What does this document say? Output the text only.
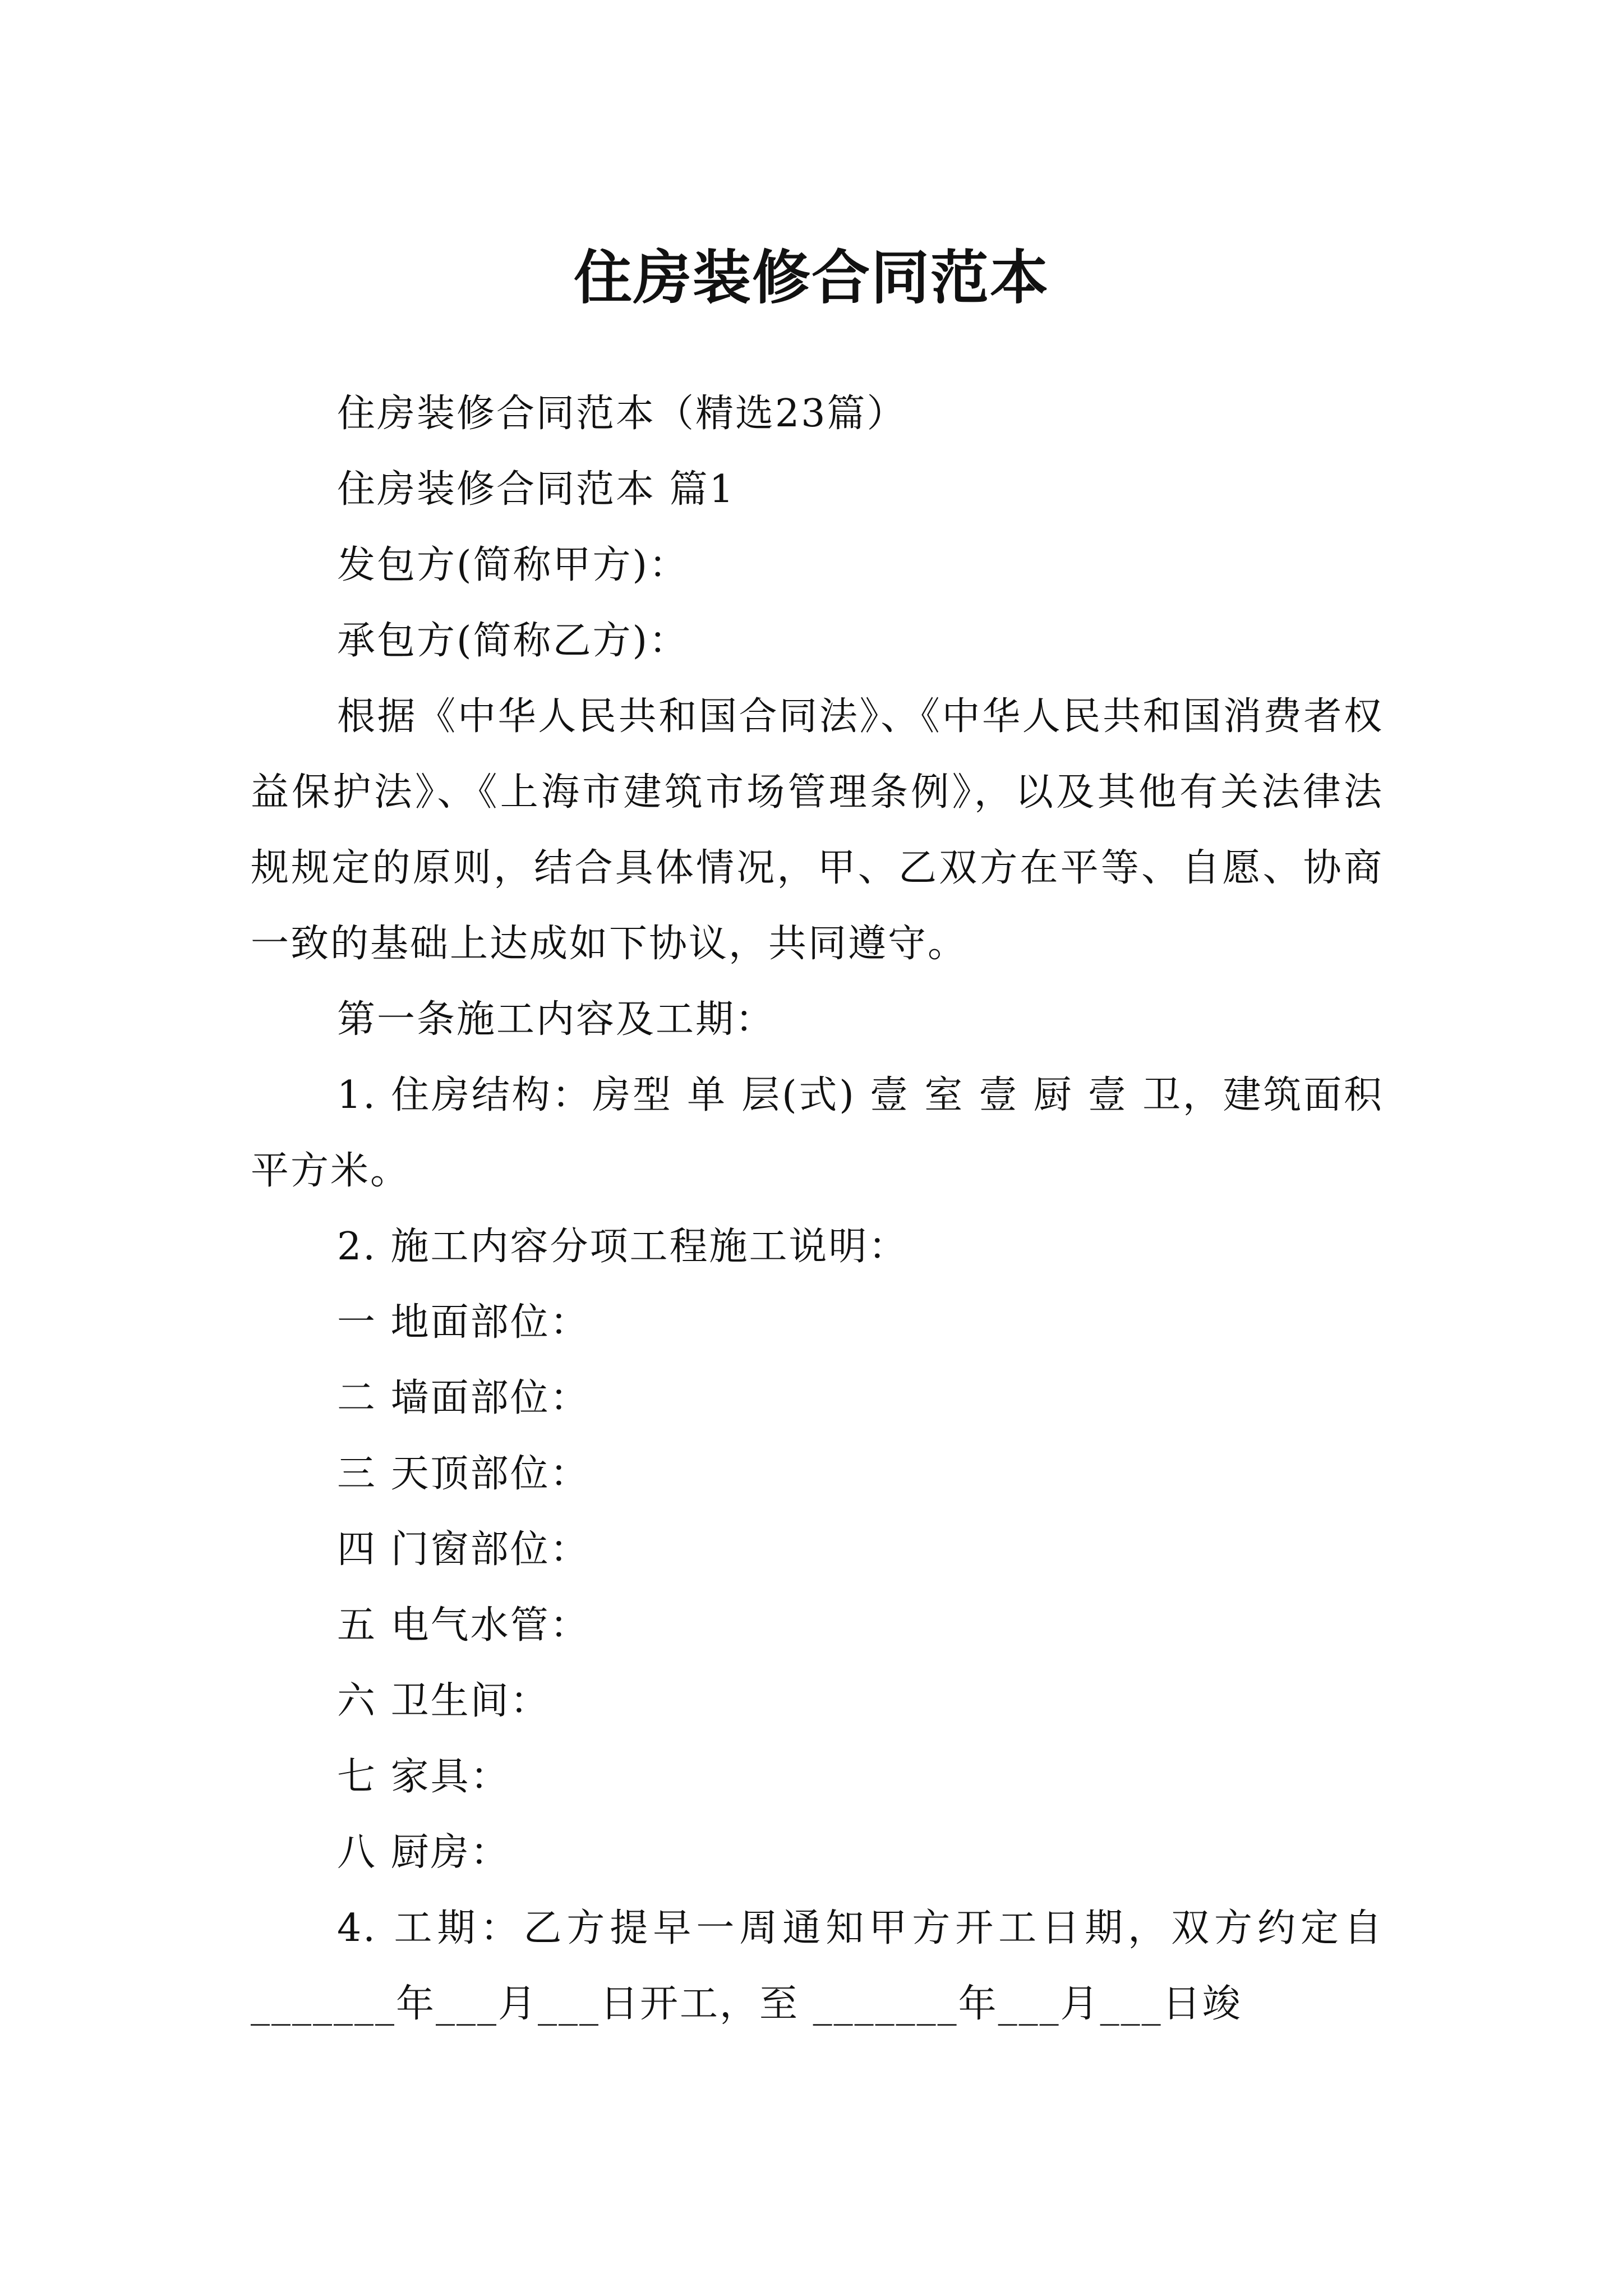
住房装修合同范本

住房装修合同范本（精选23篇）

住房装修合同范本 篇1

发包方(简称甲方)：

承包方(简称乙方)：

根据《中华人民共和国合同法》、《中华人民共和国消费者权益保护法》、《上海市建筑市场管理条例》，以及其他有关法律法规规定的原则，结合具体情况，甲、乙双方在平等、自愿、协商一致的基础上达成如下协议，共同遵守。

第一条施工内容及工期：

1. 住房结构：房型 单 层(式) 壹 室 壹 厨 壹 卫，建筑面积 平方米。

2. 施工内容分项工程施工说明：

一 地面部位：

二 墙面部位：

三 天顶部位：

四 门窗部位：

五 电气水管：

六 卫生间：

七 家具：

八 厨房：

4. 工期：乙方提早一周通知甲方开工日期，双方约定自_______年___月___日开工，至 _______年___月___日竣
